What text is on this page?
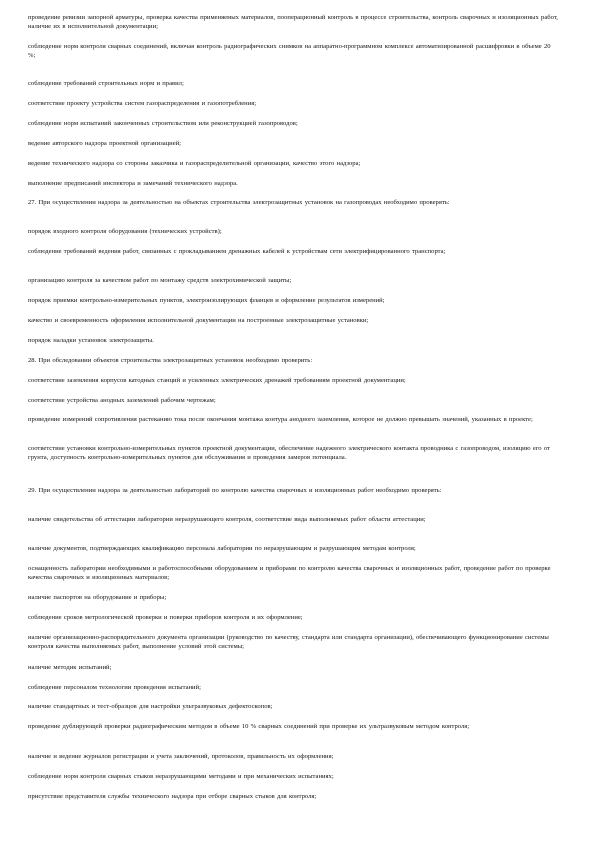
проведение ревизии запорной арматуры, проверка качества применяемых материалов, пооперационный контроль в процессе строительства, контроль сварочных и изоляционных работ, наличие их в исполнительной документации;

соблюдение норм контроля сварных соединений, включая контроль радиографических снимков на аппаратно-программном комплексе автоматизированной расшифровки в объеме 20 %;

соблюдение требований строительных норм и правил;

соответствие проекту устройства систем газораспределения и газопотребления;

соблюдение норм испытаний законченных строительством или реконструкцией газопроводов;

ведение авторского надзора проектной организацией;

ведение технического надзора со стороны заказчика и газораспределительной организации, качество этого надзора;

выполнение предписаний инспектора и замечаний технического надзора.

27. При осуществлении надзора за деятельностью на объектах строительства электрозащитных установок на газопроводах необходимо проверять:

порядок входного контроля оборудования (технических устройств);

соблюдение требований ведения работ, связанных с прокладыванием дренажных кабелей к устройствам сети электрифицированного транспорта;

организацию контроля за качеством работ по монтажу средств электрохимической защиты;

порядок приемки контрольно-измерительных пунктов, электроизолирующих фланцев и оформление результатов измерений;

качество и своевременность оформления исполнительной документации на построенные электрозащитные установки;

порядок наладки установок электрозащиты.

28. При обследовании объектов строительства электрозащитных установок необходимо проверить:

соответствие заземления корпусов катодных станций и усиленных электрических дренажей требованиям проектной документации;

соответствие устройства анодных заземлений рабочим чертежам;

проведение измерений сопротивления растеканию тока после окончания монтажа контура анодного заземления, которое не должно превышать значений, указанных в проекте;

соответствие установки контрольно-измерительных пунктов проектной документации, обеспечение надежного электрического контакта проводника с газопроводом, изоляцию его от грунта, доступность контрольно-измерительных пунктов для обслуживания и проведения замеров потенциала.

29. При осуществлении надзора за деятельностью лабораторий по контролю качества сварочных и изоляционных работ необходимо проверять:

наличие свидетельства об аттестации лаборатории неразрушающего контроля, соответствие вида выполняемых работ области аттестации;

наличие документов, подтверждающих квалификацию персонала лаборатории по неразрушающим и разрушающим методам контроля;

оснащенность лаборатории необходимыми и работоспособными оборудованием и приборами по контролю качества сварочных и изоляционных работ, проведение работ по проверке качества сварочных и изоляционных материалов;

наличие паспортов на оборудование и приборы;

соблюдение сроков метрологической проверки и поверки приборов контроля и их оформление;

наличие организационно-распорядительного документа организации (руководство по качеству, стандарта или стандарта организации), обеспечивающего функционирование системы контроля качества выполняемых работ, выполнение условий этой системы;

наличие методик испытаний;

соблюдение персоналом технологии проведения испытаний;

наличие стандартных и тест-образцов для настройки ультразвуковых дефектоскопов;

проведение дублирующей проверки радиографическим методом в объеме 10 % сварных соединений при проверке их ультразвуковым методом контроля;

наличие и ведение журналов регистрации и учета заключений, протоколов, правильность их оформления;

соблюдение норм контроля сварных стыков неразрушающими методами и при механических испытаниях;

присутствие представителя службы технического надзора при отборе сварных стыков для контроля;
